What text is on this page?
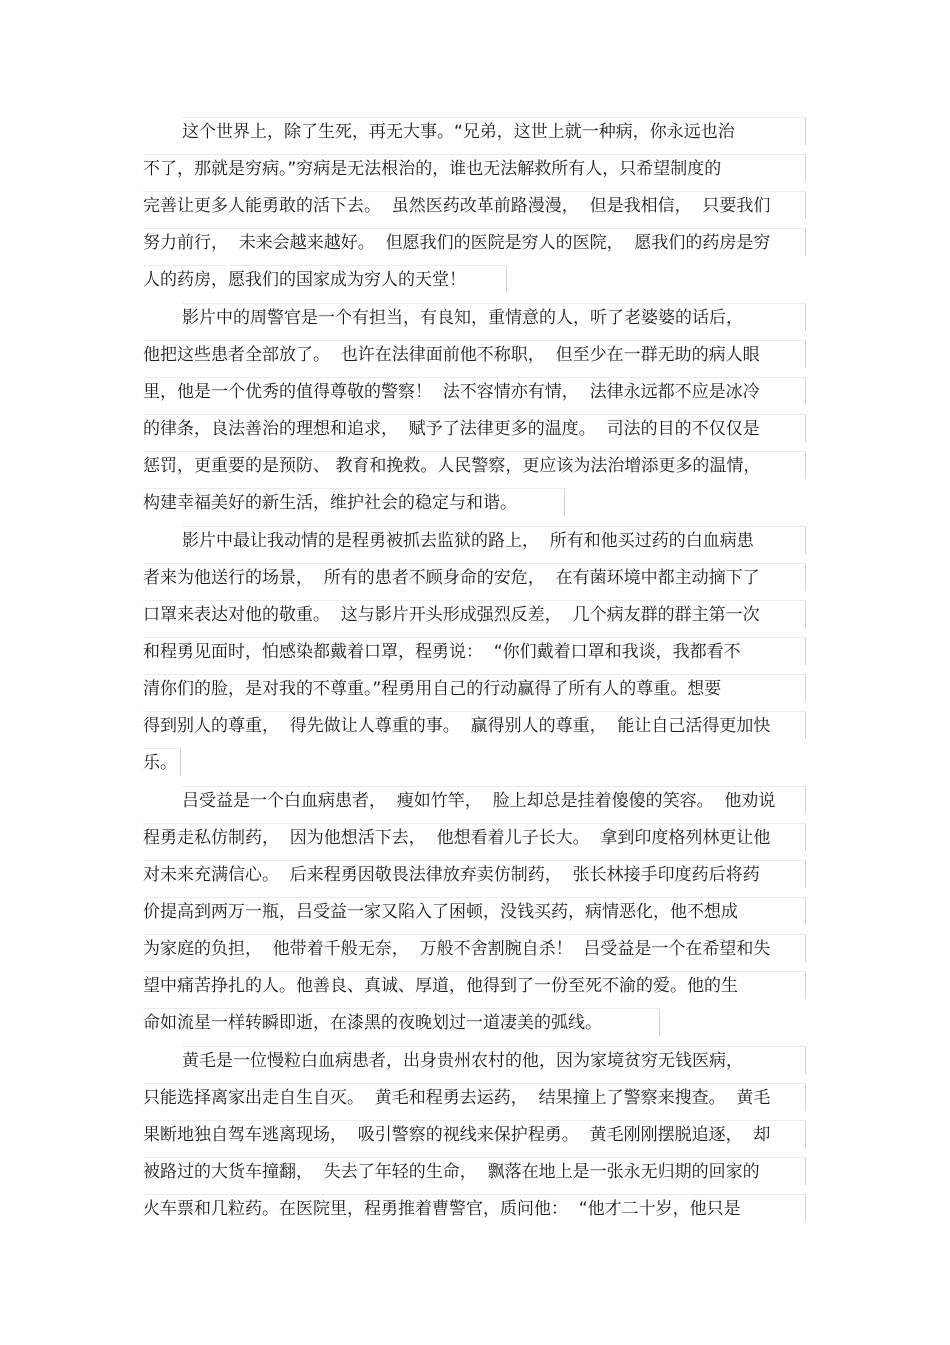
这个世界上，除了生死，再无大事。“兄弟，这世上就一种病，你永远也治
不了，那就是穷病。”穷病是无法根治的，谁也无法解救所有人，只希望制度的
完善让更多人能勇敢的活下去。  虽然医药改革前路漫漫，  但是我相信，  只要我们
努力前行，  未来会越来越好。  但愿我们的医院是穷人的医院，  愿我们的药房是穷
人的药房，愿我们的国家成为穷人的天堂！
影片中的周警官是一个有担当，有良知，重情意的人，听了老婆婆的话后，
他把这些患者全部放了。  也许在法律面前他不称职，  但至少在一群无助的病人眼
里，他是一个优秀的值得尊敬的警察！  法不容情亦有情，  法律永远都不应是冰冷
的律条，良法善治的理想和追求，  赋予了法律更多的温度。  司法的目的不仅仅是
惩罚，更重要的是预防、 教育和挽救。人民警察，更应该为法治增添更多的温情，
构建幸福美好的新生活，维护社会的稳定与和谐。
影片中最让我动情的是程勇被抓去监狱的路上，  所有和他买过药的白血病患
者来为他送行的场景，  所有的患者不顾身命的安危，  在有菌环境中都主动摘下了
口罩来表达对他的敬重。  这与影片开头形成强烈反差，  几个病友群的群主第一次
和程勇见面时，怕感染都戴着口罩，程勇说：  “你们戴着口罩和我谈，我都看不
清你们的脸，是对我的不尊重。”程勇用自己的行动赢得了所有人的尊重。想要
得到别人的尊重，  得先做让人尊重的事。  赢得别人的尊重，  能让自己活得更加快
乐。
吕受益是一个白血病患者，  瘦如竹竿，  脸上却总是挂着傻傻的笑容。  他劝说
程勇走私仿制药，  因为他想活下去，  他想看着儿子长大。  拿到印度格列林更让他
对未来充满信心。  后来程勇因敬畏法律放弃卖仿制药，  张长林接手印度药后将药
价提高到两万一瓶，吕受益一家又陷入了困顿，没钱买药，病情恶化，他不想成
为家庭的负担，  他带着千般无奈，  万般不舍割腕自杀！  吕受益是一个在希望和失
望中痛苦挣扎的人。他善良、真诚、厚道，他得到了一份至死不渝的爱。他的生
命如流星一样转瞬即逝，在漆黑的夜晚划过一道凄美的弧线。
黄毛是一位慢粒白血病患者，出身贵州农村的他，因为家境贫穷无钱医病，
只能选择离家出走自生自灭。  黄毛和程勇去运药，  结果撞上了警察来搜查。  黄毛
果断地独自驾车逃离现场，  吸引警察的视线来保护程勇。  黄毛刚刚摆脱追逐，  却
被路过的大货车撞翻，  失去了年轻的生命，  飘落在地上是一张永无归期的回家的
火车票和几粒药。在医院里，程勇推着曹警官，质问他：  “他才二十岁，他只是
